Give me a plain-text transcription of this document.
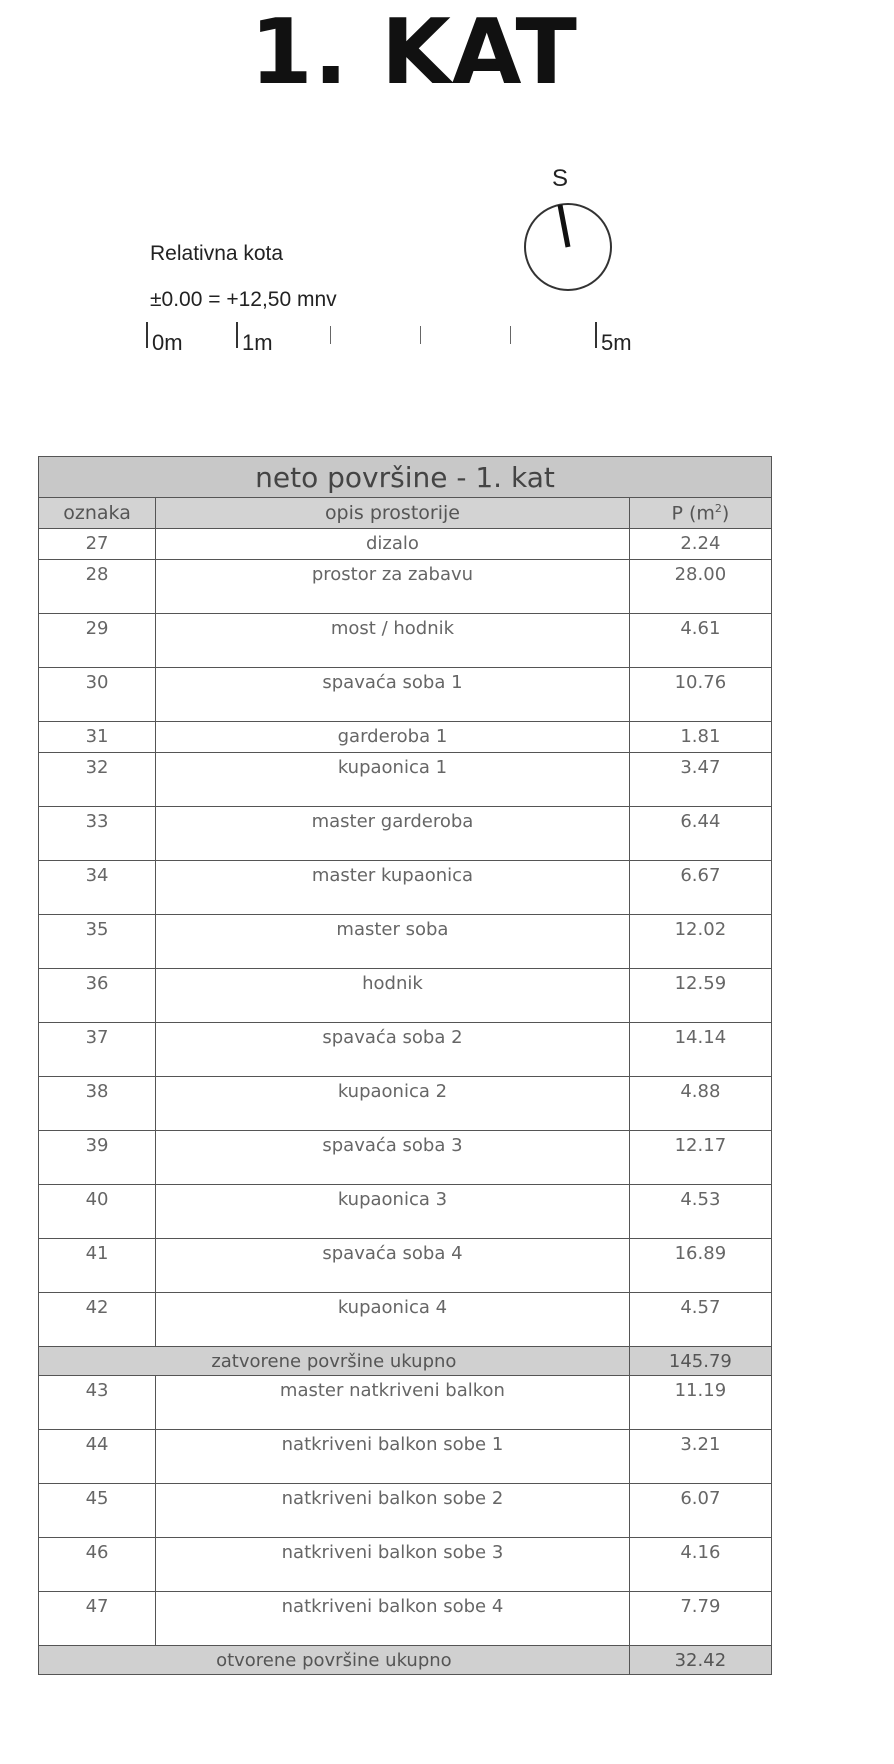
1. KAT
S
Relativna kota
±0.00 = +12,50 mnv
0m	1m	5m
neto površine - 1. kat		
oznaka	opis prostorije	P $(m^2)$
27	dizalo	2.24
28	prostor za zabavu	28.00
29	most / hodnik	4.61
30	spavaća soba 1	10.76
31	garderoba 1	1.81
32	kupaonica 1	3.47
33	master garderoba	6.44
34	master kupaonica	6.67
35	master soba	12.02
36	hodnik	12.59
37	spavaća soba 2	14.14
38	kupaonica 2	4.88
39	spavaća soba 3	12.17
40	kupaonica 3	4.53
41	spavaća soba 4	16.89
42	kupaonica 4	4.57
zatvorene površine ukupno		145.79
43	master natkriveni balkon	11.19
44	natkriveni balkon sobe 1	3.21
45	natkriveni balkon sobe 2	6.07
46	natkriveni balkon sobe 3	4.16
47	natkriveni balkon sobe 4	7.79
otvorene površine ukupno		32.42
